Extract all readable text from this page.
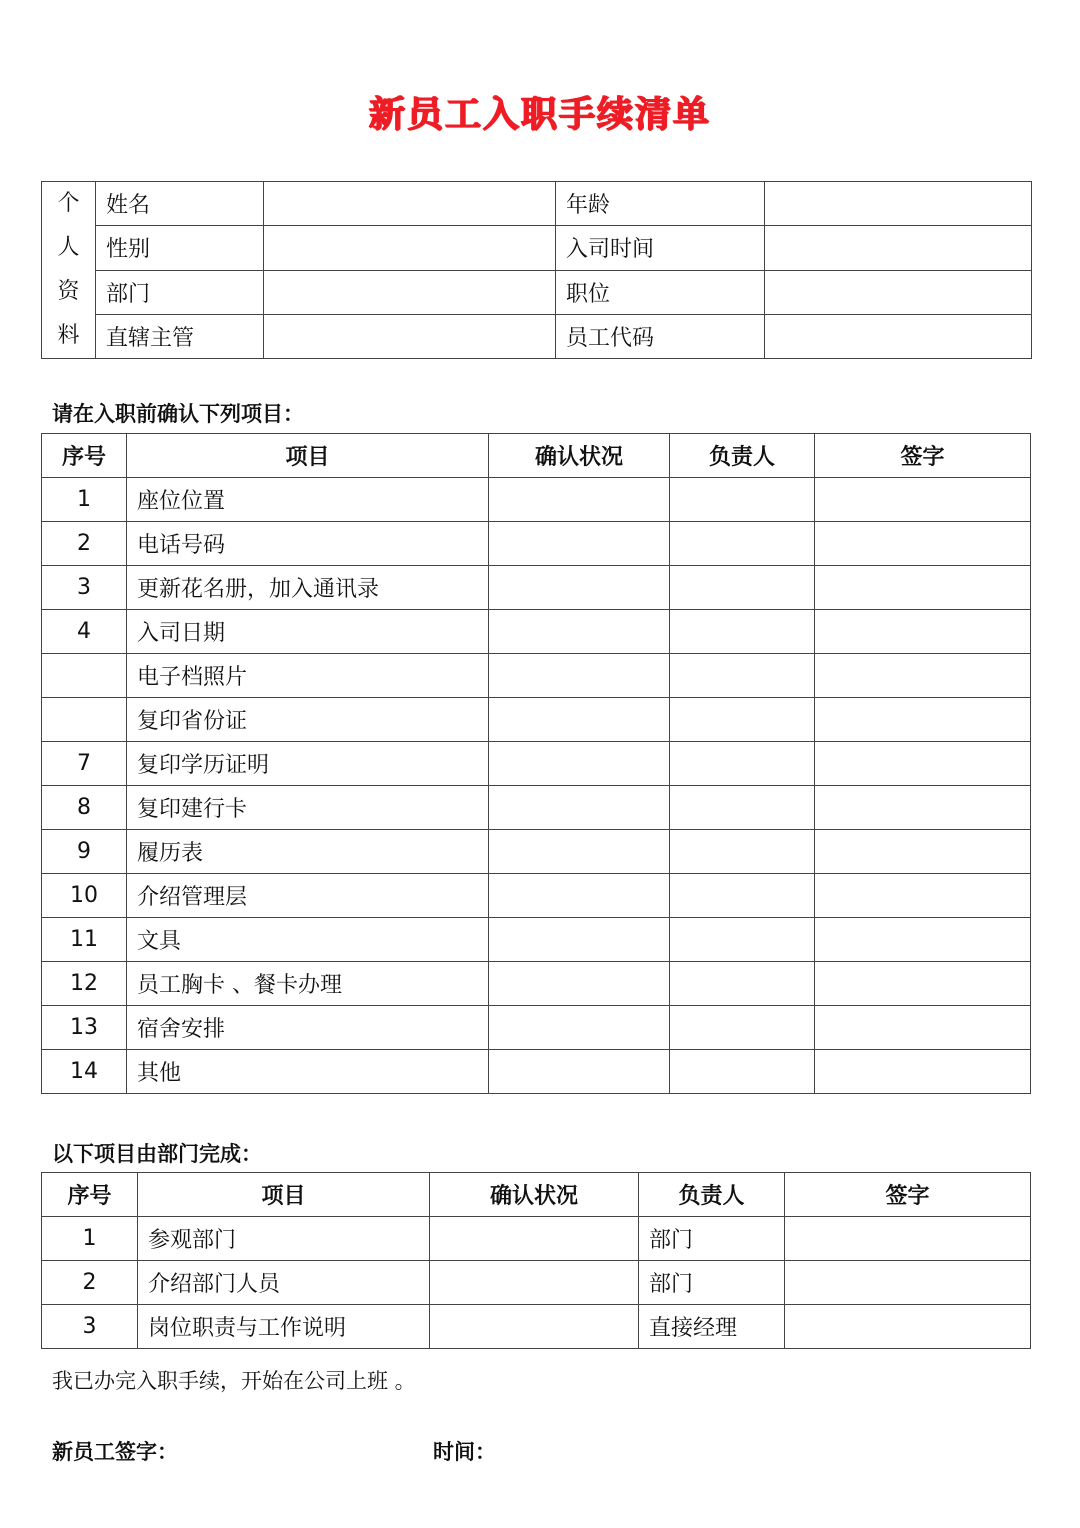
新员工入职手续清单
个
人
资
料	姓名		年龄	
	性别		入司时间	
	部门		职位	
	直辖主管		员工代码	
请在入职前确认下列项目：
序号	项目	确认状况	负责人	签字
1	座位位置			
2	电话号码			
3	更新花名册，加入通讯录			
4	入司日期			
	电子档照片			
	复印省份证			
7	复印学历证明			
8	复印建行卡			
9	履历表			
10	介绍管理层			
11	文具			
12	员工胸卡 、餐卡办理			
13	宿舍安排			
14	其他			
以下项目由部门完成：
序号	项目	确认状况	负责人	签字
1	参观部门		部门	
2	介绍部门人员		部门	
3	岗位职责与工作说明		直接经理	
我已办完入职手续，开始在公司上班 。
新员工签字：	时间：
